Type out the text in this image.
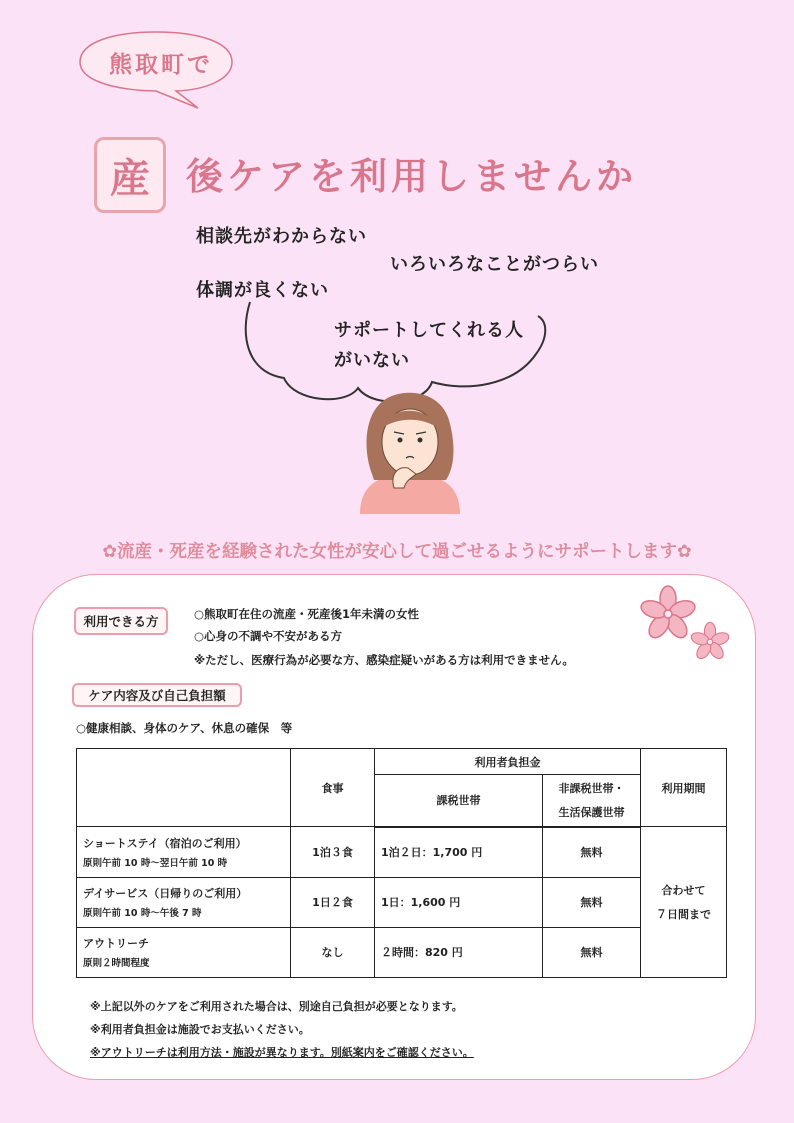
熊取町で
産 後ケアを利用しませんか
相談先がわからない
いろいろなことがつらい
体調が良くない
サポートしてくれる人
がいない
✿流産・死産を経験された女性が安心して過ごせるようにサポートします✿
利用できる方	○熊取町在住の流産・死産後1年未満の女性
○心身の不調や不安がある方
※ただし、医療行為が必要な方、感染症疑いがある方は利用できません。
ケア内容及び自己負担額
○健康相談、身体のケア、休息の確保　等
	食事	利用者負担金		利用期間
		課税世帯	非課税世帯・
生活保護世帯	
ショートステイ（宿泊のご利用）
原則午前 10 時～翌日午前 10 時	1泊３食	1泊２日：1,700 円	無料	合わせて
７日間まで
デイサービス（日帰りのご利用）
原則午前 10 時～午後 7 時	1日２食	1日：1,600 円	無料	
アウトリーチ
原則２時間程度	なし	２時間：820 円	無料	
※上記以外のケアをご利用された場合は、別途自己負担が必要となります。
※利用者負担金は施設でお支払いください。
※アウトリーチは利用方法・施設が異なります。別紙案内をご確認ください。
